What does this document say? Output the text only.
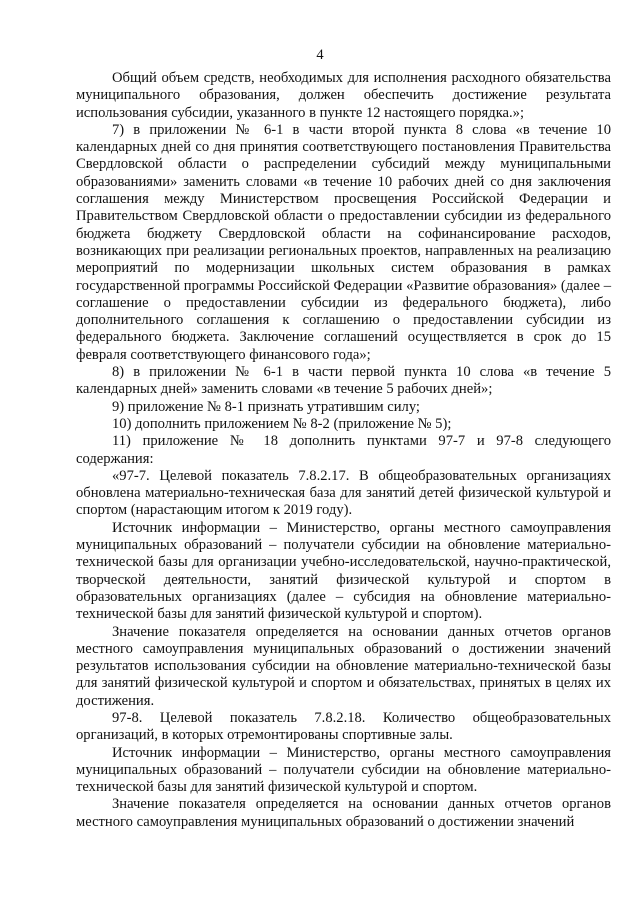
4

Общий объем средств, необходимых для исполнения расходного обязательства муниципального образования, должен обеспечить достижение результата использования субсидии, указанного в пункте 12 настоящего порядка.»;

7) в приложении № 6-1 в части второй пункта 8 слова «в течение 10 календарных дней со дня принятия соответствующего постановления Правительства Свердловской области о распределении субсидий между муниципальными образованиями» заменить словами «в течение 10 рабочих дней со дня заключения соглашения между Министерством просвещения Российской Федерации и Правительством Свердловской области о предоставлении субсидии из федерального бюджета бюджету Свердловской области на софинансирование расходов, возникающих при реализации региональных проектов, направленных на реализацию мероприятий по модернизации школьных систем образования в рамках государственной программы Российской Федерации «Развитие образования» (далее – соглашение о предоставлении субсидии из федерального бюджета), либо дополнительного соглашения к соглашению о предоставлении субсидии из федерального бюджета. Заключение соглашений осуществляется в срок до 15 февраля соответствующего финансового года»;

8) в приложении № 6-1 в части первой пункта 10 слова «в течение 5 календарных дней» заменить словами «в течение 5 рабочих дней»;

9) приложение № 8-1 признать утратившим силу;

10) дополнить приложением № 8-2 (приложение № 5);

11) приложение № 18 дополнить пунктами 97-7 и 97-8 следующего содержания:

«97-7. Целевой показатель 7.8.2.17. В общеобразовательных организациях обновлена материально-техническая база для занятий детей физической культурой и спортом (нарастающим итогом к 2019 году).

Источник информации – Министерство, органы местного самоуправления муниципальных образований – получатели субсидии на обновление материально-технической базы для организации учебно-исследовательской, научно-практической, творческой деятельности, занятий физической культурой и спортом в образовательных организациях (далее – субсидия на обновление материально-технической базы для занятий физической культурой и спортом).

Значение показателя определяется на основании данных отчетов органов местного самоуправления муниципальных образований о достижении значений результатов использования субсидии на обновление материально-технической базы для занятий физической культурой и спортом и обязательствах, принятых в целях их достижения.

97-8. Целевой показатель 7.8.2.18. Количество общеобразовательных организаций, в которых отремонтированы спортивные залы.

Источник информации – Министерство, органы местного самоуправления муниципальных образований – получатели субсидии на обновление материально-технической базы для занятий физической культурой и спортом.

Значение показателя определяется на основании данных отчетов органов местного самоуправления муниципальных образований о достижении значений
